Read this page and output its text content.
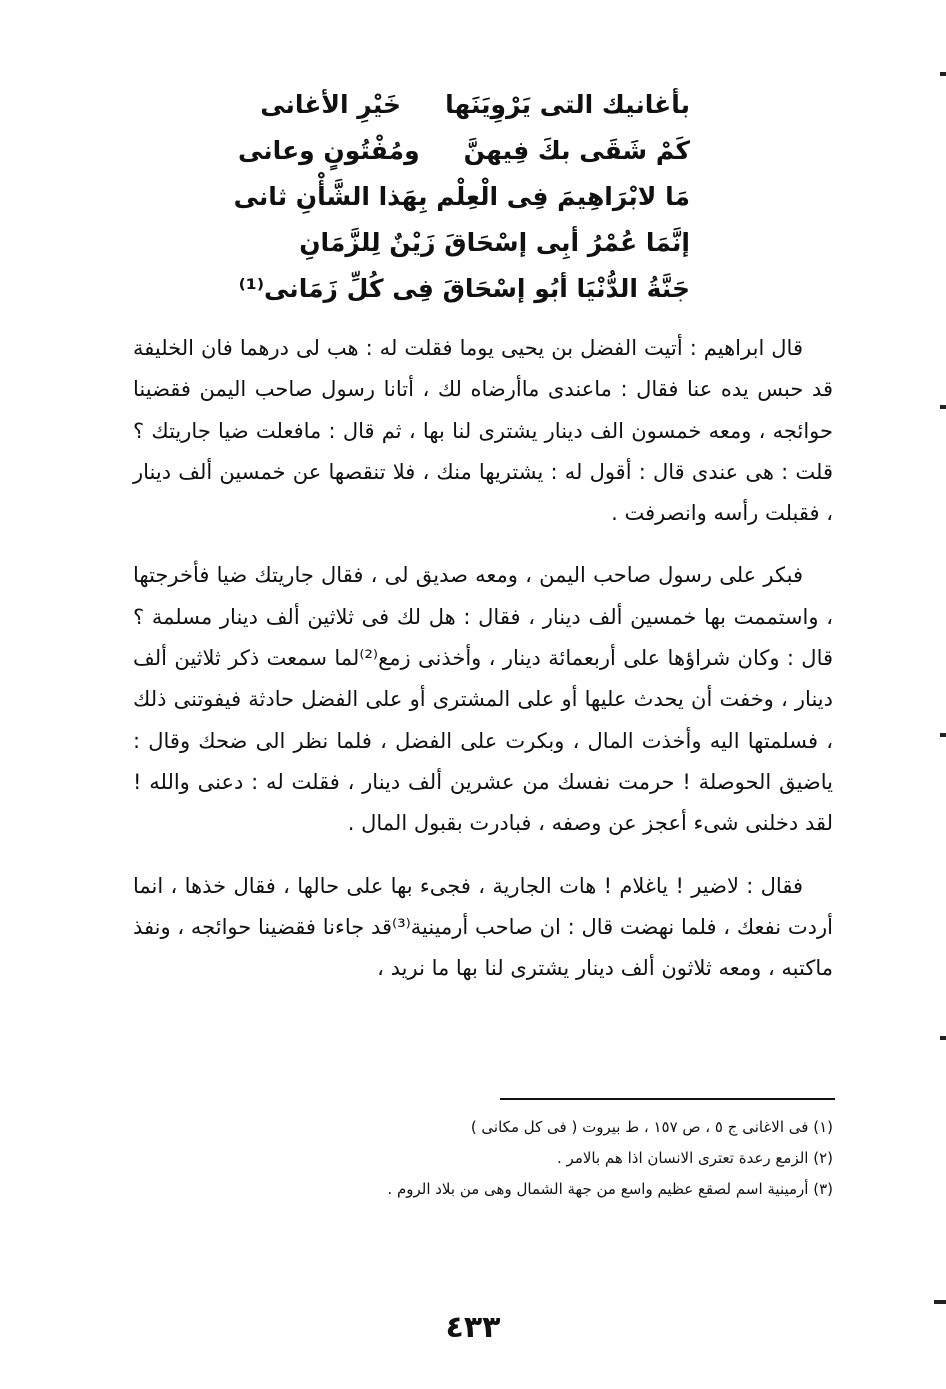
بأغانيك التى يَرْوِيَنَهاخَيْرِ الأغانى
كَمْ شَقَى بكَ فِيهنَّومُفْتُونٍ وعانى
مَا لابْرَاهِيمَ فِى الْعِلْم بِهَذا الشَّأْنِ ثانى
إنَّمَا عُمْرُ أبِى إسْحَاقَ زَيْنٌ لِلزَّمَانِ
جَنَّةُ الدُّنْيَا أبُو إسْحَاقَ فِى كُلِّ زَمَانى⁽¹⁾

قال ابراهيم : أتيت الفضل بن يحيى يوما فقلت له : هب لى درهما فان الخليفة قد حبس يده عنا فقال : ماعندى ماأرضاه لك ، أتانا رسول صاحب اليمن فقضينا حوائجه ، ومعه خمسون الف دينار يشترى لنا بها ، ثم قال : مافعلت ضيا جاريتك ؟ قلت : هى عندى قال : أقول له : يشتريها منك ، فلا تنقصها عن خمسين ألف دينار ، فقبلت رأسه وانصرفت .

فبكر على رسول صاحب اليمن ، ومعه صديق لى ، فقال جاريتك ضيا فأخرجتها ، واستممت بها خمسين ألف دينار ، فقال : هل لك فى ثلاثين ألف دينار مسلمة ؟ قال : وكان شراؤها على أربعمائة دينار ، وأخذنى زمع⁽²⁾لما سمعت ذكر ثلاثين ألف دينار ، وخفت أن يحدث عليها أو على المشترى أو على الفضل حادثة فيفوتنى ذلك ، فسلمتها اليه وأخذت المال ، وبكرت على الفضل ، فلما نظر الى ضحك وقال : ياضيق الحوصلة ! حرمت نفسك من عشرين ألف دينار ، فقلت له : دعنى والله ! لقد دخلنى شىء أعجز عن وصفه ، فبادرت بقبول المال .

فقال : لاضير ! ياغلام ! هات الجارية ، فجىء بها على حالها ، فقال خذها ، انما أردت نفعك ، فلما نهضت قال : ان صاحب أرمينية⁽³⁾قد جاءنا فقضينا حوائجه ، ونفذ ماكتبه ، ومعه ثلاثون ألف دينار يشترى لنا بها ما نريد ،

(١) فى الاغانى ج ٥ ، ص ١٥٧ ، ط بيروت ( فى كل مكانى )
(٢) الزمع رعدة تعترى الانسان اذا هم بالامر .
(٣) أرمينية اسم لصقع عظيم واسع من جهة الشمال وهى من بلاد الروم .
٤٣٣
